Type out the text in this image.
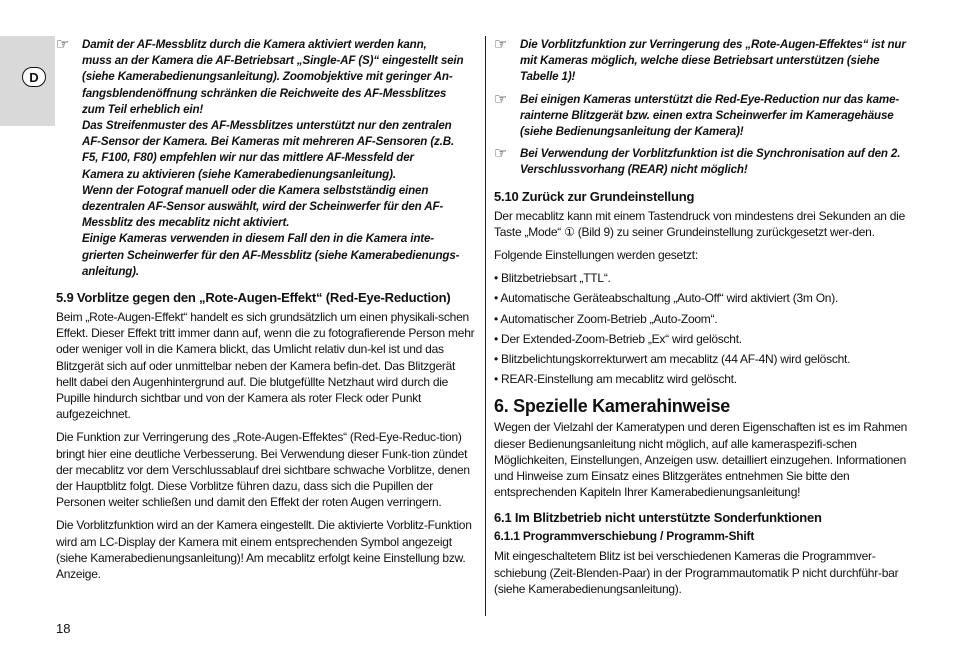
D
☞	Damit der AF-Messblitz durch die Kamera aktiviert werden kann,

muss an der Kamera die AF-Betriebsart „Single-AF (S)“ eingestellt sein

(siehe Kamerabedienungsanleitung). Zoomobjektive mit geringer An-

fangsblendenöffnung schränken die Reichweite des AF-Messblitzes

zum Teil erheblich ein!

Das Streifenmuster des AF-Messblitzes unterstützt nur den zentralen

AF-Sensor der Kamera. Bei Kameras mit mehreren AF-Sensoren (z.B.

F5, F100, F80) empfehlen wir nur das mittlere AF-Messfeld der

Kamera zu aktivieren (siehe Kamerabedienungsanleitung).

Wenn der Fotograf manuell oder die Kamera selbstständig einen

dezentralen AF-Sensor auswählt, wird der Scheinwerfer für den AF-

Messblitz des mecablitz nicht aktiviert.

Einige Kameras verwenden in diesem Fall den in die Kamera inte-

grierten Scheinwerfer für den AF-Messblitz (siehe Kamerabedienungs-

anleitung).

5.9 Vorblitze gegen den „Rote-Augen-Effekt“ (Red-Eye-Reduction)

Beim „Rote-Augen-Effekt“ handelt es sich grundsätzlich um einen physikali-schen Effekt. Dieser Effekt tritt immer dann auf, wenn die zu fotografierende Person mehr oder weniger voll in die Kamera blickt, das Umlicht relativ dun-kel ist und das Blitzgerät sich auf oder unmittelbar neben der Kamera befin-det. Das Blitzgerät hellt dabei den Augenhintergrund auf. Die blutgefüllte Netzhaut wird durch die Pupille hindurch sichtbar und von der Kamera als roter Fleck oder Punkt aufgezeichnet.

Die Funktion zur Verringerung des „Rote-Augen-Effektes“ (Red-Eye-Reduc-tion) bringt hier eine deutliche Verbesserung. Bei Verwendung dieser Funk-tion zündet der mecablitz vor dem Verschlussablauf drei sichtbare schwache Vorblitze, denen der Hauptblitz folgt. Diese Vorblitze führen dazu, dass sich die Pupillen der Personen weiter schließen und damit den Effekt der roten Augen verringern.

Die Vorblitzfunktion wird an der Kamera eingestellt. Die aktivierte Vorblitz-Funktion wird am LC-Display der Kamera mit einem entsprechenden Symbol angezeigt (siehe Kamerabedienungsanleitung)! Am mecablitz erfolgt keine Einstellung bzw. Anzeige.

18
☞	Die Vorblitzfunktion zur Verringerung des „Rote-Augen-Effektes“ ist nur mit Kameras möglich, welche diese Betriebsart unterstützen (siehe Tabelle 1)!

☞	Bei einigen Kameras unterstützt die Red-Eye-Reduction nur das kame-rainterne Blitzgerät bzw. einen extra Scheinwerfer im Kameragehäuse (siehe Bedienungsanleitung der Kamera)!

☞	Bei Verwendung der Vorblitzfunktion ist die Synchronisation auf den 2. Verschlussvorhang (REAR) nicht möglich!

5.10 Zurück zur Grundeinstellung

Der mecablitz kann mit einem Tastendruck von mindestens drei Sekunden an die Taste „Mode“ ① (Bild 9) zu seiner Grundeinstellung zurückgesetzt wer-den.

Folgende Einstellungen werden gesetzt:

• Blitzbetriebsart „TTL“.
• Automatische Geräteabschaltung „Auto-Off“ wird aktiviert (3m On).
• Automatischer Zoom-Betrieb „Auto-Zoom“.
• Der Extended-Zoom-Betrieb „Ex“ wird gelöscht.
• Blitzbelichtungskorrekturwert am mecablitz (44 AF-4N) wird gelöscht.
• REAR-Einstellung am mecablitz wird gelöscht.
6. Spezielle Kamerahinweise

Wegen der Vielzahl der Kameratypen und deren Eigenschaften ist es im Rahmen dieser Bedienungsanleitung nicht möglich, auf alle kameraspezifi-schen Möglichkeiten, Einstellungen, Anzeigen usw. detailliert einzugehen. Informationen und Hinweise zum Einsatz eines Blitzgerätes entnehmen Sie bitte den entsprechenden Kapiteln Ihrer Kamerabedienungsanleitung!

6.1 Im Blitzbetrieb nicht unterstützte Sonderfunktionen
6.1.1 Programmverschiebung / Programm-Shift

Mit eingeschaltetem Blitz ist bei verschiedenen Kameras die Programmver-schiebung (Zeit-Blenden-Paar) in der Programmautomatik P nicht durchführ-bar (siehe Kamerabedienungsanleitung).
